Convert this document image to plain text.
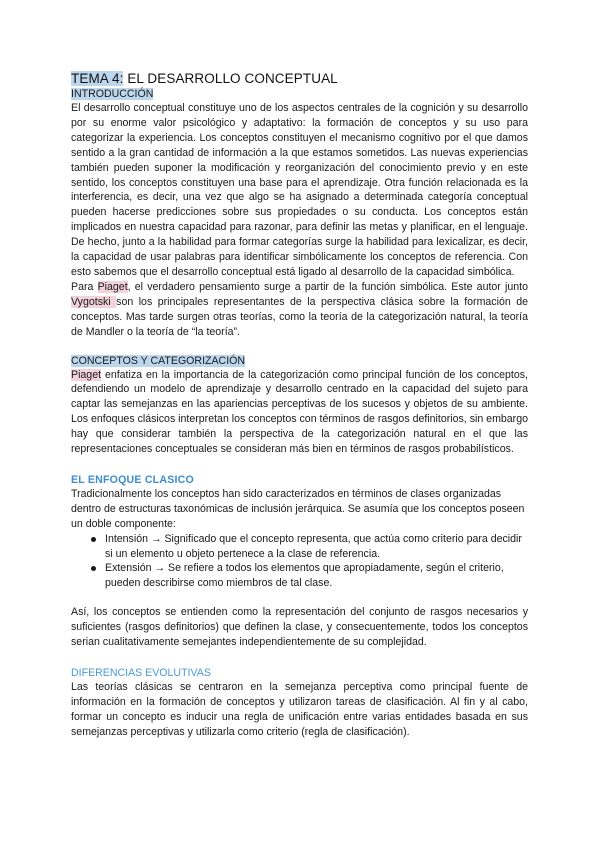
TEMA 4: EL DESARROLLO CONCEPTUAL
INTRODUCCIÓN

El desarrollo conceptual constituye uno de los aspectos centrales de la cognición y su desarrollo por su enorme valor psicológico y adaptativo: la formación de conceptos y su uso para categorizar la experiencia. Los conceptos constituyen el mecanismo cognitivo por el que damos sentido a la gran cantidad de información a la que estamos sometidos. Las nuevas experiencias también pueden suponer la modificación y reorganización del conocimiento previo y en este sentido, los conceptos constituyen una base para el aprendizaje. Otra función relacionada es la interferencia, es decir, una vez que algo se ha asignado a determinada categoría conceptual pueden hacerse predicciones sobre sus propiedades o su conducta. Los conceptos están implicados en nuestra capacidad para razonar, para definir las metas y planificar, en el lenguaje. De hecho, junto a la habilidad para formar categorías surge la habilidad para lexicalizar, es decir, la capacidad de usar palabras para identificar simbólicamente los conceptos de referencia. Con esto sabemos que el desarrollo conceptual está ligado al desarrollo de la capacidad simbólica.

Para Piaget, el verdadero pensamiento surge a partir de la función simbólica. Este autor junto Vygotski son los principales representantes de la perspectiva clásica sobre la formación de conceptos. Mas tarde surgen otras teorías, como la teoría de la categorización natural, la teoría de Mandler o la teoría de “la teoría”.

CONCEPTOS Y CATEGORIZACIÓN

Piaget enfatiza en la importancia de la categorización como principal función de los conceptos, defendiendo un modelo de aprendizaje y desarrollo centrado en la capacidad del sujeto para captar las semejanzas en las apariencias perceptivas de los sucesos y objetos de su ambiente. Los enfoques clásicos interpretan los conceptos con términos de rasgos definitorios, sin embargo hay que considerar también la perspectiva de la categorización natural en el que las representaciones conceptuales se consideran más bien en términos de rasgos probabilísticos.

EL ENFOQUE CLASICO

Tradicionalmente los conceptos han sido caracterizados en términos de clases organizadas dentro de estructuras taxonómicas de inclusión jerárquica. Se asumía que los conceptos poseen un doble componente:

Intensión → Significado que el concepto representa, que actúa como criterio para decidir si un elemento u objeto pertenece a la clase de referencia.
Extensión → Se refiere a todos los elementos que apropiadamente, según el criterio, pueden describirse como miembros de tal clase.

Así, los conceptos se entienden como la representación del conjunto de rasgos necesarios y suficientes (rasgos definitorios) que definen la clase, y consecuentemente, todos los conceptos serian cualitativamente semejantes independientemente de su complejidad.

DIFERENCIAS EVOLUTIVAS

Las teorías clásicas se centraron en la semejanza perceptiva como principal fuente de información en la formación de conceptos y utilizaron tareas de clasificación. Al fin y al cabo, formar un concepto es inducir una regla de unificación entre varias entidades basada en sus semejanzas perceptivas y utilizarla como criterio (regla de clasificación).
